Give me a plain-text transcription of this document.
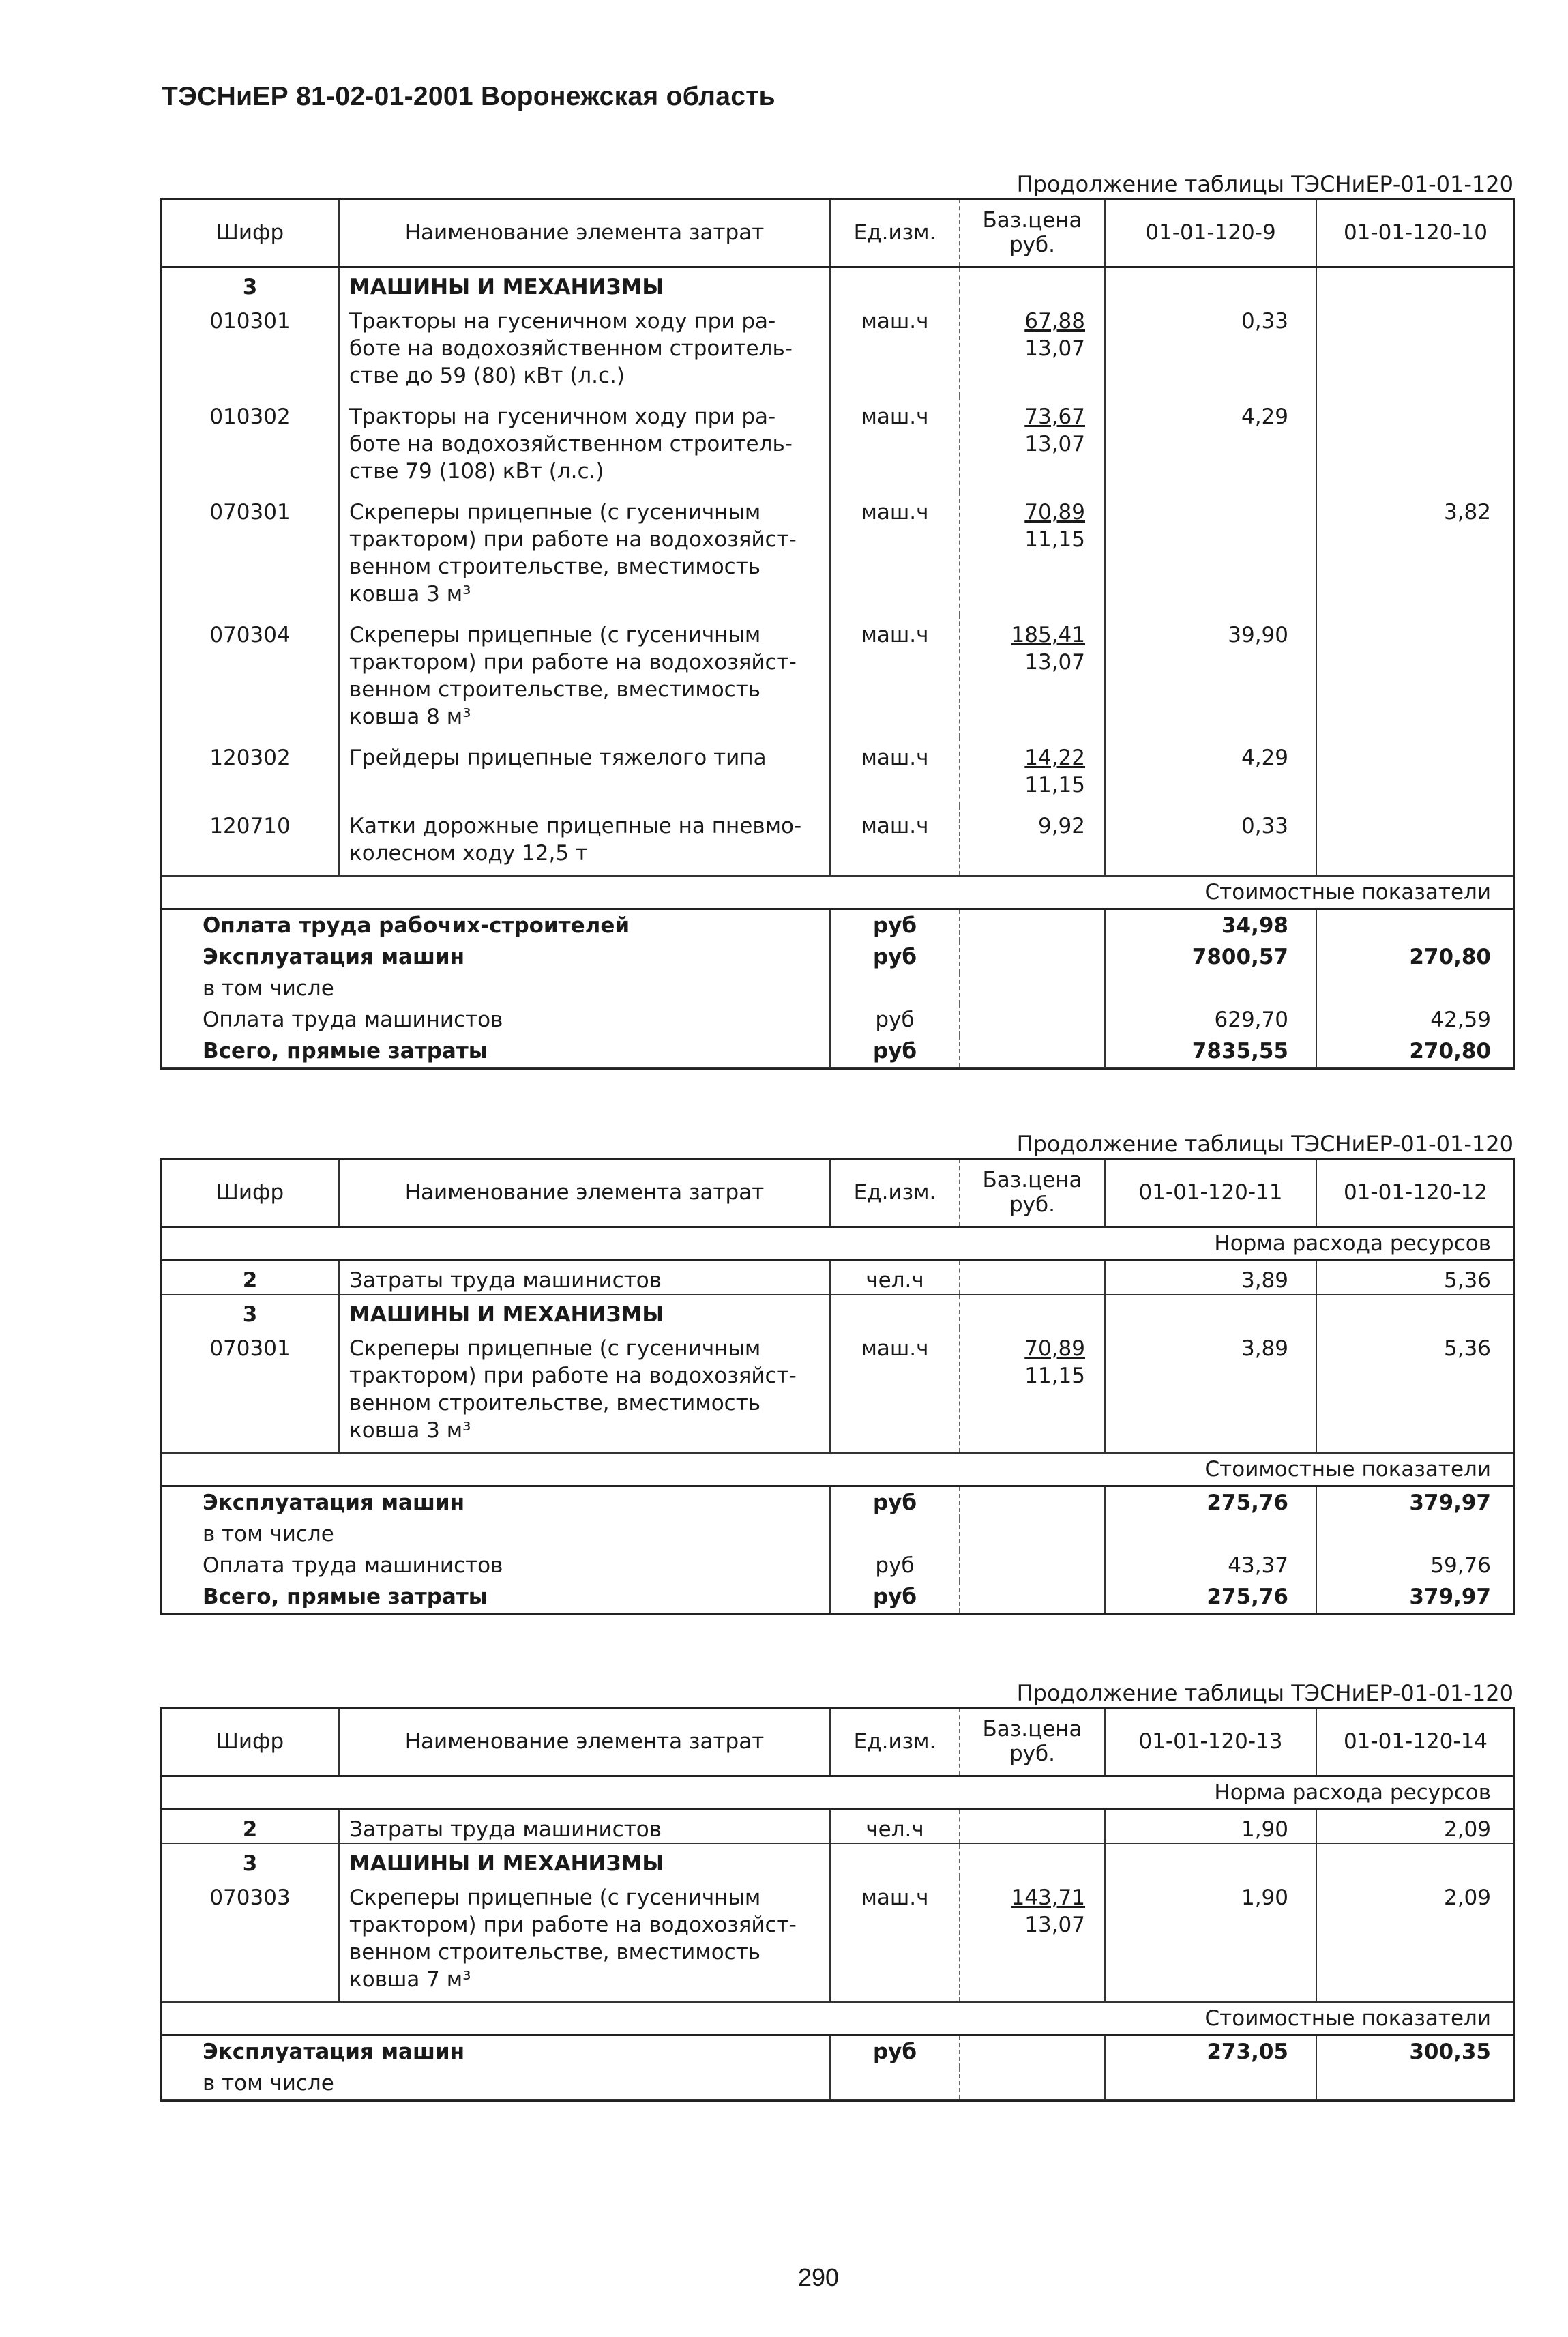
ТЭСНиЕР 81-02-01-2001 Воронежская область
Продолжение таблицы ТЭСНиЕР-01-01-120
Шифр	Наименование элемента затрат	Ед.изм.	Баз.цена
руб.	01-01-120-9	01-01-120-10
3	МАШИНЫ И МЕХАНИЗМЫ				
010301	Тракторы на гусеничном ходу при ра-
боте на водохозяйственном строитель-
стве до 59 (80) кВт (л.с.)	маш.ч	67,88
13,07	0,33	
010302	Тракторы на гусеничном ходу при ра-
боте на водохозяйственном строитель-
стве 79 (108) кВт (л.с.)	маш.ч	73,67
13,07	4,29	
070301	Скреперы прицепные (с гусеничным
трактором) при работе на водохозяйст-
венном строительстве, вместимость
ковша 3 м³	маш.ч	70,89
11,15		3,82
070304	Скреперы прицепные (с гусеничным
трактором) при работе на водохозяйст-
венном строительстве, вместимость
ковша 8 м³	маш.ч	185,41
13,07	39,90	
120302	Грейдеры прицепные тяжелого типа	маш.ч	14,22
11,15	4,29	
120710	Катки дорожные прицепные на пневмо-
колесном ходу 12,5 т	маш.ч	9,92	0,33	
Стоимостные показатели					
Оплата труда рабочих-строителей		руб		34,98	
Эксплуатация машин		руб		7800,57	270,80
в том числе					
Оплата труда машинистов		руб		629,70	42,59
Всего, прямые затраты		руб		7835,55	270,80
Продолжение таблицы ТЭСНиЕР-01-01-120
Шифр	Наименование элемента затрат	Ед.изм.	Баз.цена
руб.	01-01-120-11	01-01-120-12
Норма расхода ресурсов					
2	Затраты труда машинистов	чел.ч		3,89	5,36
3	МАШИНЫ И МЕХАНИЗМЫ				
070301	Скреперы прицепные (с гусеничным
трактором) при работе на водохозяйст-
венном строительстве, вместимость
ковша 3 м³	маш.ч	70,89
11,15	3,89	5,36
Стоимостные показатели					
Эксплуатация машин		руб		275,76	379,97
в том числе					
Оплата труда машинистов		руб		43,37	59,76
Всего, прямые затраты		руб		275,76	379,97
Продолжение таблицы ТЭСНиЕР-01-01-120
Шифр	Наименование элемента затрат	Ед.изм.	Баз.цена
руб.	01-01-120-13	01-01-120-14
Норма расхода ресурсов					
2	Затраты труда машинистов	чел.ч		1,90	2,09
3	МАШИНЫ И МЕХАНИЗМЫ				
070303	Скреперы прицепные (с гусеничным
трактором) при работе на водохозяйст-
венном строительстве, вместимость
ковша 7 м³	маш.ч	143,71
13,07	1,90	2,09
Стоимостные показатели					
Эксплуатация машин		руб		273,05	300,35
в том числе					
290
